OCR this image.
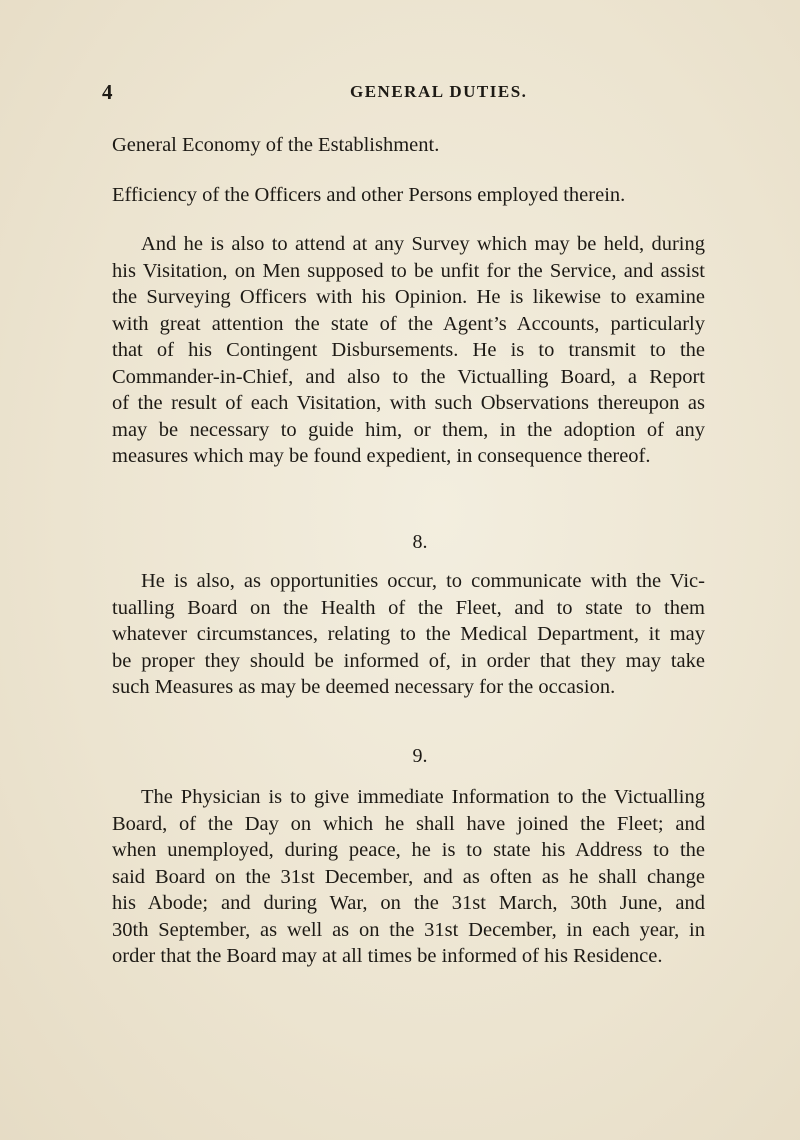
4	GENERAL DUTIES.
General Economy of the Establishment.
Efficiency of the Officers and other Persons employed therein.
And he is also to attend at any Survey which may be held, during
his Visitation, on Men supposed to be unfit for the Service, and assist
the Surveying Officers with his Opinion. He is likewise to examine
with great attention the state of the Agent’s Accounts, particularly
that of his Contingent Disbursements. He is to transmit to the
Commander-in-Chief, and also to the Victualling Board, a Report
of the result of each Visitation, with such Observations thereupon as
may be necessary to guide him, or them, in the adoption of any
measures which may be found expedient, in consequence thereof.
8.
He is also, as opportunities occur, to communicate with the Vic-
tualling Board on the Health of the Fleet, and to state to them
whatever circumstances, relating to the Medical Department, it may
be proper they should be informed of, in order that they may take
such Measures as may be deemed necessary for the occasion.
9.
The Physician is to give immediate Information to the Victualling
Board, of the Day on which he shall have joined the Fleet; and
when unemployed, during peace, he is to state his Address to the
said Board on the 31st December, and as often as he shall change
his Abode; and during War, on the 31st March, 30th June, and
30th September, as well as on the 31st December, in each year, in
order that the Board may at all times be informed of his Residence.
